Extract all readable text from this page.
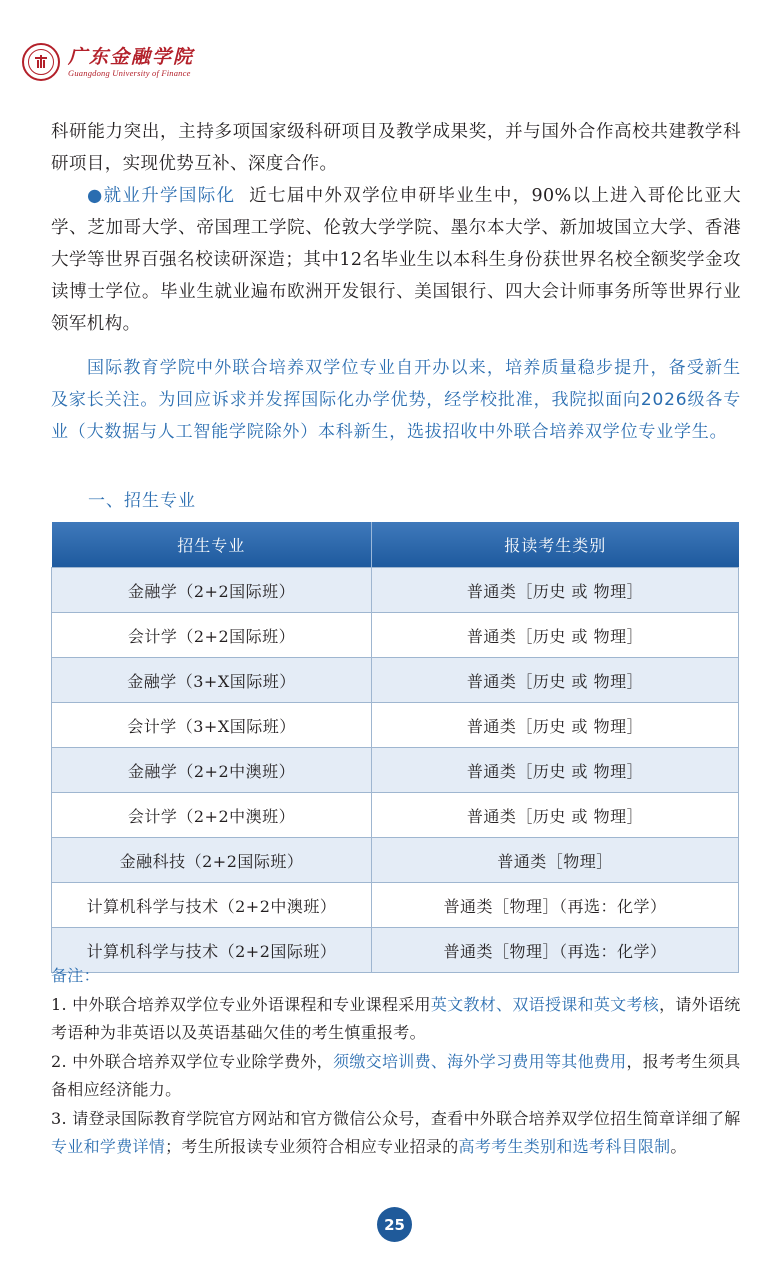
广东金融学院
Guangdong University of Finance
科研能力突出，主持多项国家级科研项目及教学成果奖，并与国外合作高校共建教学科研项目，实现优势互补、深度合作。
●就业升学国际化 近七届中外双学位申研毕业生中，90%以上进入哥伦比亚大学、芝加哥大学、帝国理工学院、伦敦大学学院、墨尔本大学、新加坡国立大学、香港大学等世界百强名校读研深造；其中12名毕业生以本科生身份获世界名校全额奖学金攻读博士学位。毕业生就业遍布欧洲开发银行、美国银行、四大会计师事务所等世界行业领军机构。
国际教育学院中外联合培养双学位专业自开办以来，培养质量稳步提升，备受新生及家长关注。为回应诉求并发挥国际化办学优势，经学校批准，我院拟面向2026级各专业（大数据与人工智能学院除外）本科新生，选拔招收中外联合培养双学位专业学生。
一、招生专业
招生专业	报读考生类别
金融学（2+2国际班）	普通类［历史 或 物理］
会计学（2+2国际班）	普通类［历史 或 物理］
金融学（3+X国际班）	普通类［历史 或 物理］
会计学（3+X国际班）	普通类［历史 或 物理］
金融学（2+2中澳班）	普通类［历史 或 物理］
会计学（2+2中澳班）	普通类［历史 或 物理］
金融科技（2+2国际班）	普通类［物理］
计算机科学与技术（2+2中澳班）	普通类［物理］（再选：化学）
计算机科学与技术（2+2国际班）	普通类［物理］（再选：化学）
备注：
1. 中外联合培养双学位专业外语课程和专业课程采用英文教材、双语授课和英文考核，请外语统考语种为非英语以及英语基础欠佳的考生慎重报考。
2. 中外联合培养双学位专业除学费外，须缴交培训费、海外学习费用等其他费用，报考考生须具备相应经济能力。
3. 请登录国际教育学院官方网站和官方微信公众号，查看中外联合培养双学位招生简章详细了解专业和学费详情；考生所报读专业须符合相应专业招录的高考考生类别和选考科目限制。
25
